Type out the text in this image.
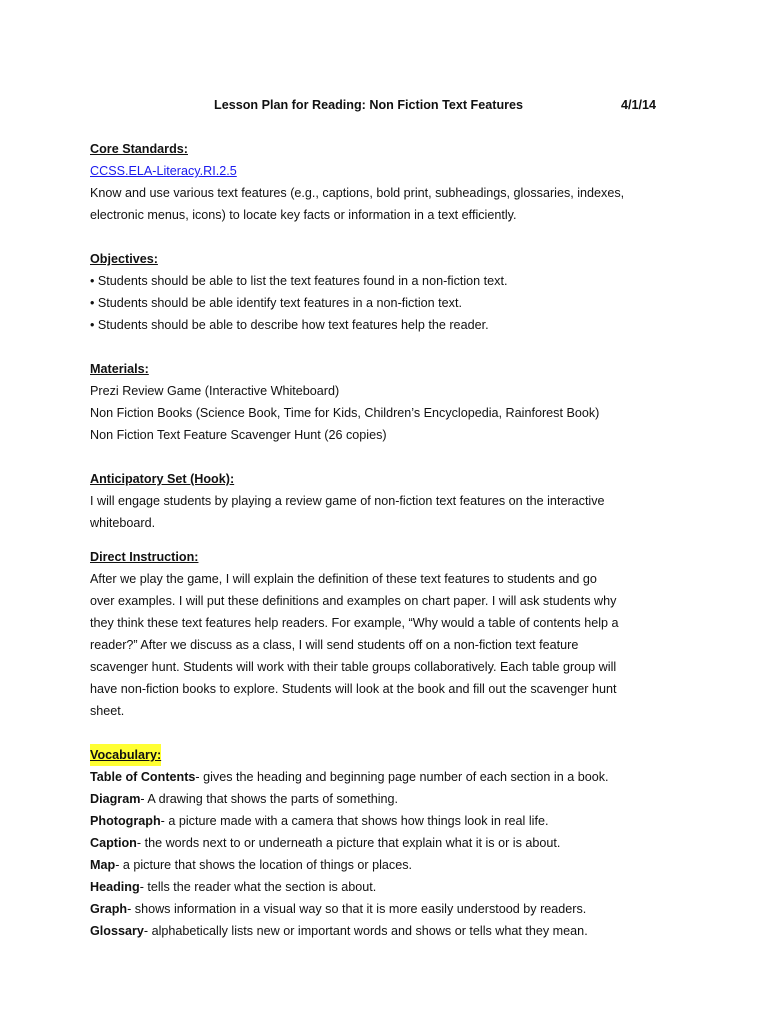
Lesson Plan for Reading: Non Fiction Text Features	4/1/14
Core Standards:
CCSS.ELA-Literacy.RI.2.5
Know and use various text features (e.g., captions, bold print, subheadings, glossaries, indexes,
electronic menus, icons) to locate key facts or information in a text efficiently.
Objectives:
• Students should be able to list the text features found in a non-fiction text.
• Students should be able identify text features in a non-fiction text.
• Students should be able to describe how text features help the reader.
Materials:
Prezi Review Game (Interactive Whiteboard)
Non Fiction Books (Science Book, Time for Kids, Children’s Encyclopedia, Rainforest Book)
Non Fiction Text Feature Scavenger Hunt (26 copies)
Anticipatory Set (Hook):
I will engage students by playing a review game of non-fiction text features on the interactive
whiteboard.
Direct Instruction:
After we play the game, I will explain the definition of these text features to students and go
over examples. I will put these definitions and examples on chart paper. I will ask students why
they think these text features help readers. For example, “Why would a table of contents help a
reader?” After we discuss as a class, I will send students off on a non-fiction text feature
scavenger hunt. Students will work with their table groups collaboratively. Each table group will
have non-fiction books to explore. Students will look at the book and fill out the scavenger hunt
sheet.
Vocabulary:
Table of Contents- gives the heading and beginning page number of each section in a book.
Diagram- A drawing that shows the parts of something.
Photograph- a picture made with a camera that shows how things look in real life.
Caption- the words next to or underneath a picture that explain what it is or is about.
Map- a picture that shows the location of things or places.
Heading- tells the reader what the section is about.
Graph- shows information in a visual way so that it is more easily understood by readers.
Glossary- alphabetically lists new or important words and shows or tells what they mean.
